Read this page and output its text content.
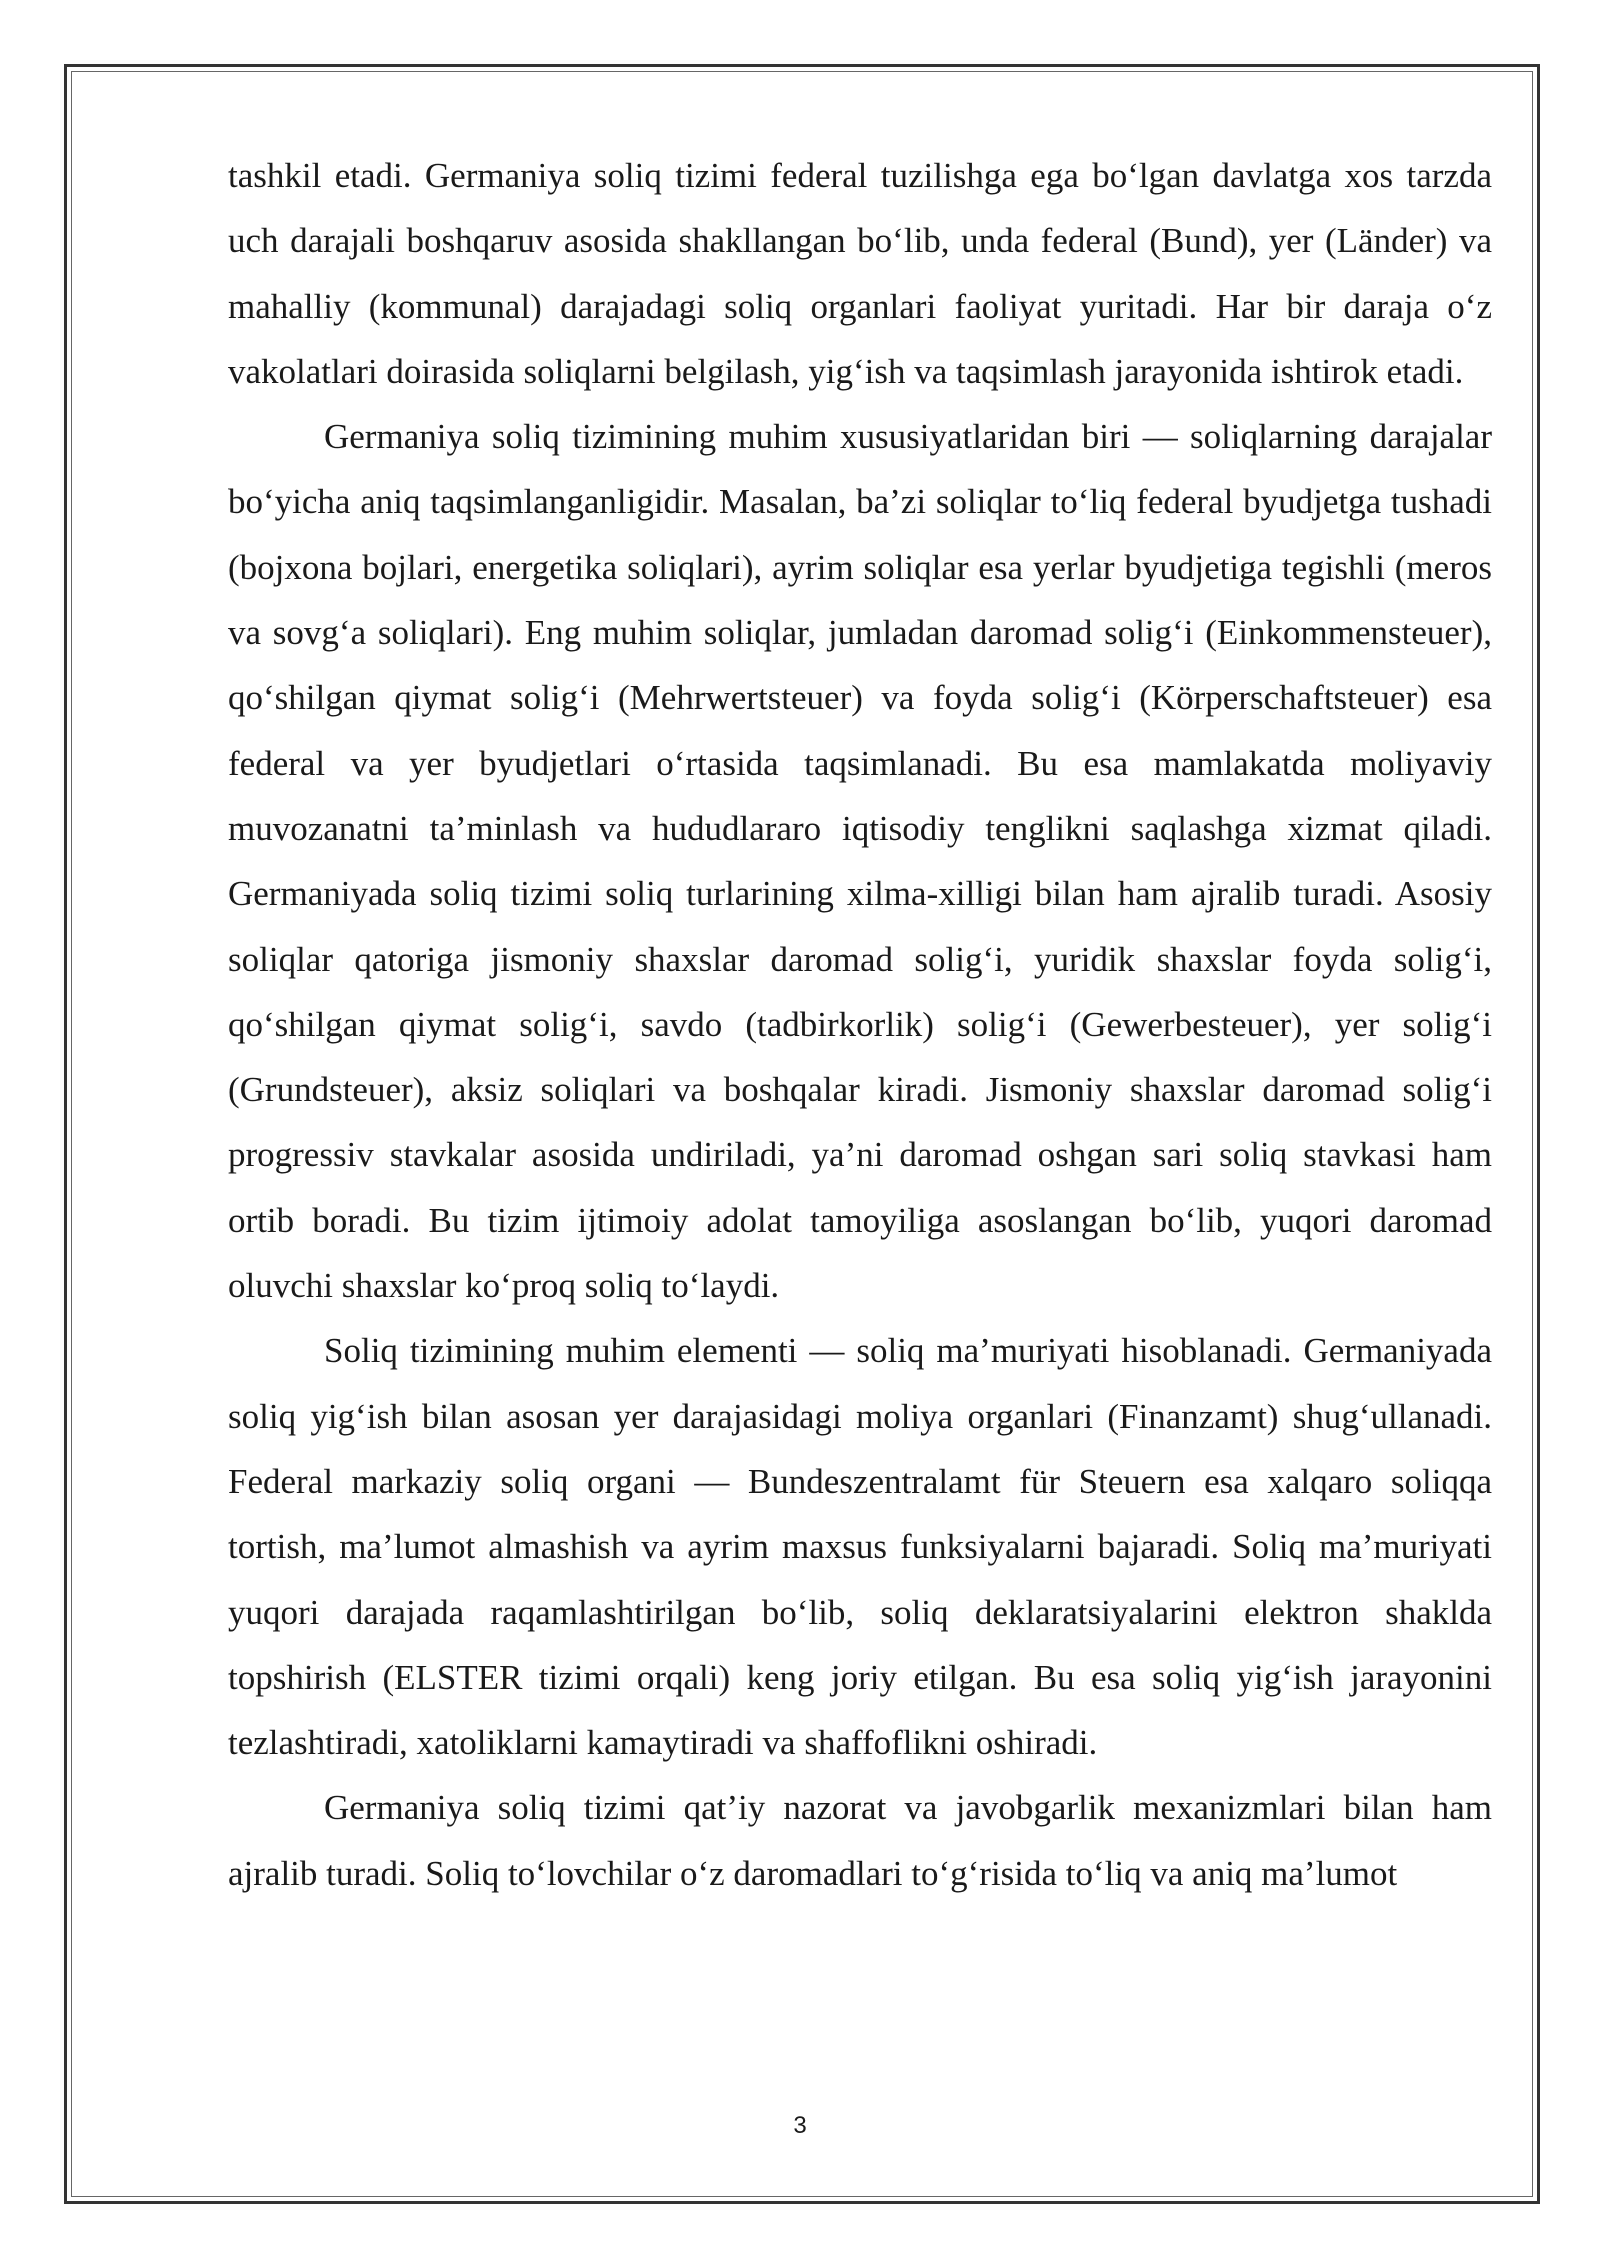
tashkil etadi. Germaniya soliq tizimi federal tuzilishga ega bo‘lgan davlatga xos tarzda uch darajali boshqaruv asosida shakllangan bo‘lib, unda federal (Bund), yer (Länder) va mahalliy (kommunal) darajadagi soliq organlari faoliyat yuritadi. Har bir daraja o‘z vakolatlari doirasida soliqlarni belgilash, yig‘ish va taqsimlash jarayonida ishtirok etadi.

Germaniya soliq tizimining muhim xususiyatlaridan biri — soliqlarning darajalar bo‘yicha aniq taqsimlanganligidir. Masalan, ba’zi soliqlar to‘liq federal byudjetga tushadi (bojxona bojlari, energetika soliqlari), ayrim soliqlar esa yerlar byudjetiga tegishli (meros va sovg‘a soliqlari). Eng muhim soliqlar, jumladan daromad solig‘i (Einkommensteuer), qo‘shilgan qiymat solig‘i (Mehrwertsteuer) va foyda solig‘i (Körperschaftsteuer) esa federal va yer byudjetlari o‘rtasida taqsimlanadi. Bu esa mamlakatda moliyaviy muvozanatni ta’minlash va hududlararo iqtisodiy tenglikni saqlashga xizmat qiladi. Germaniyada soliq tizimi soliq turlarining xilma-xilligi bilan ham ajralib turadi. Asosiy soliqlar qatoriga jismoniy shaxslar daromad solig‘i, yuridik shaxslar foyda solig‘i, qo‘shilgan qiymat solig‘i, savdo (tadbirkorlik) solig‘i (Gewerbesteuer), yer solig‘i (Grundsteuer), aksiz soliqlari va boshqalar kiradi. Jismoniy shaxslar daromad solig‘i progressiv stavkalar asosida undiriladi, ya’ni daromad oshgan sari soliq stavkasi ham ortib boradi. Bu tizim ijtimoiy adolat tamoyiliga asoslangan bo‘lib, yuqori daromad oluvchi shaxslar ko‘proq soliq to‘laydi.

Soliq tizimining muhim elementi — soliq ma’muriyati hisoblanadi. Germaniyada soliq yig‘ish bilan asosan yer darajasidagi moliya organlari (Finanzamt) shug‘ullanadi. Federal markaziy soliq organi — Bundeszentralamt für Steuern esa xalqaro soliqqa tortish, ma’lumot almashish va ayrim maxsus funksiyalarni bajaradi. Soliq ma’muriyati yuqori darajada raqamlashtirilgan bo‘lib, soliq deklaratsiyalarini elektron shaklda topshirish (ELSTER tizimi orqali) keng joriy etilgan. Bu esa soliq yig‘ish jarayonini tezlashtiradi, xatoliklarni kamaytiradi va shaffoflikni oshiradi.

Germaniya soliq tizimi qat’iy nazorat va javobgarlik mexanizmlari bilan ham ajralib turadi. Soliq to‘lovchilar o‘z daromadlari to‘g‘risida to‘liq va aniq ma’lumot

3
